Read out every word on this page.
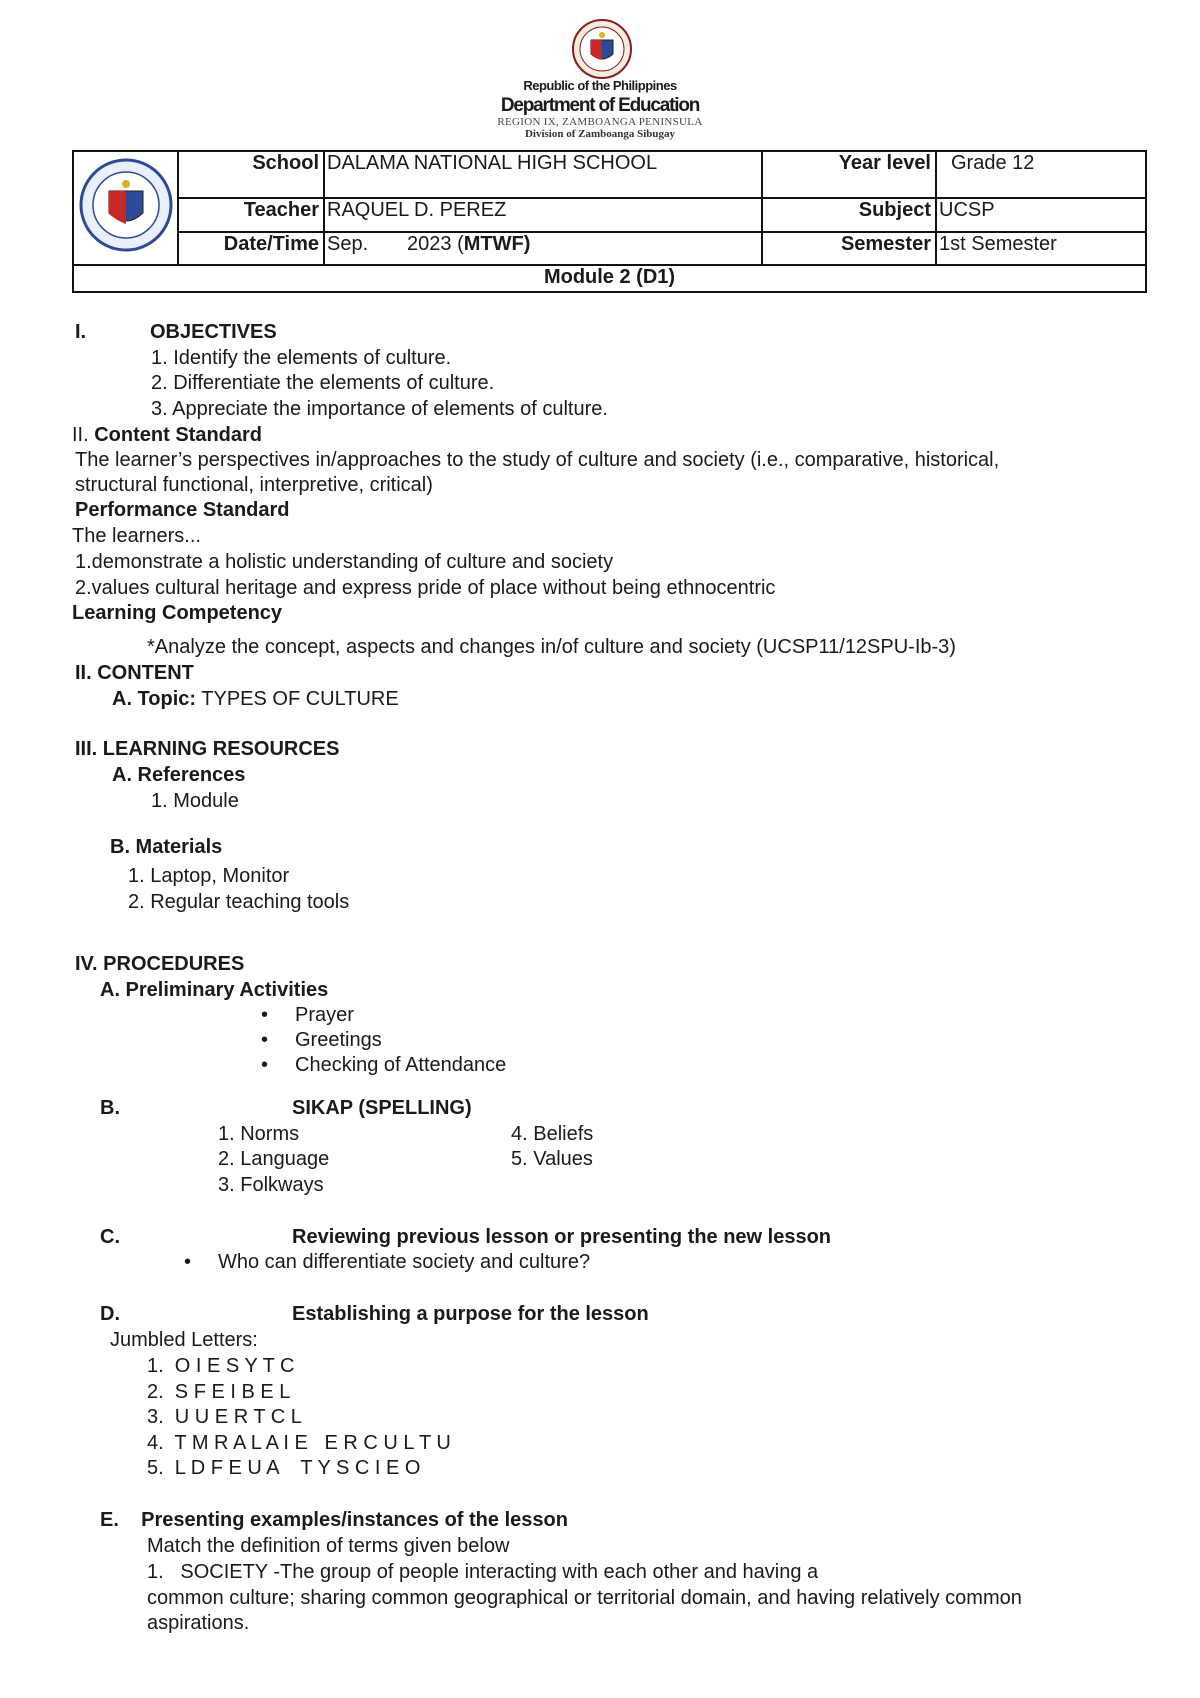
Republic of the Philippines
Department of Education
REGION IX, ZAMBOANGA PENINSULA
Division of Zamboanga Sibugay
	School	DALAMA NATIONAL HIGH SCHOOL	Year level	Grade 12
	Teacher	RAQUEL D. PEREZ	Subject	UCSP
	Date/Time	Sep.       2023 (MTWF)	Semester	1st Semester
Module 2 (D1)				
I.	OBJECTIVES
1. Identify the elements of culture.
2. Differentiate the elements of culture.
3. Appreciate the importance of elements of culture.
II. Content Standard
The learner’s perspectives in/approaches to the study of culture and society (i.e., comparative, historical,
structural functional, interpretive, critical)
Performance Standard
The learners...
1.demonstrate a holistic understanding of culture and society
2.values cultural heritage and express pride of place without being ethnocentric
Learning Competency
*Analyze the concept, aspects and changes in/of culture and society (UCSP11/12SPU-Ib-3)
II. CONTENT
A. Topic: TYPES OF CULTURE
III. LEARNING RESOURCES
A. References
1. Module
B. Materials
1. Laptop, Monitor
2. Regular teaching tools
IV. PROCEDURES
A. Preliminary Activities
• Prayer
• Greetings
• Checking of Attendance
B.	SIKAP (SPELLING)
1. Norms
2. Language
3. Folkways
4. Beliefs
5. Values
C.	Reviewing previous lesson or presenting the new lesson
• Who can differentiate society and culture?
D.	Establishing a purpose for the lesson
Jumbled Letters:
1.  O I E S Y T C
2.  S F E I B E L
3.  U U E R T C L
4.  T M R A L A I E   E R C U L T U
5.  L D F E U A    T Y S C I E O
E.    Presenting examples/instances of the lesson
Match the definition of terms given below
1.   SOCIETY -The group of people interacting with each other and having a
common culture; sharing common geographical or territorial domain, and having relatively common
aspirations.
